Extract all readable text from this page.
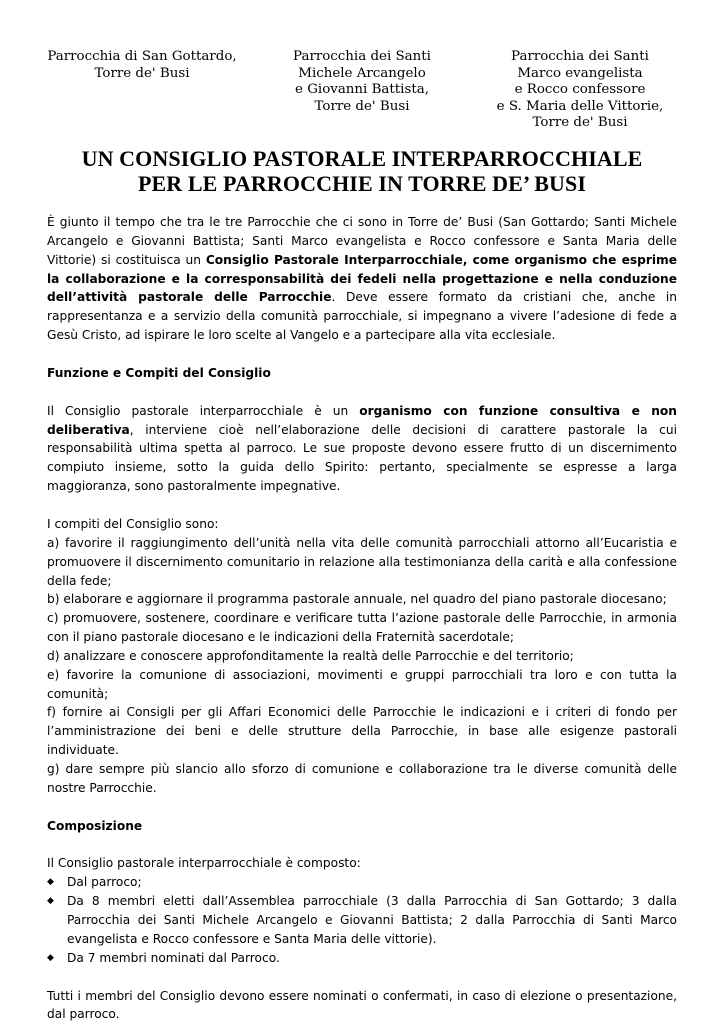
Parrocchia di San Gottardo,
Torre de' Busi
Parrocchia dei Santi
Michele Arcangelo
e Giovanni Battista,
Torre de' Busi
Parrocchia dei Santi
Marco evangelista
e Rocco confessore
e S. Maria delle Vittorie,
Torre de' Busi
UN CONSIGLIO PASTORALE INTERPARROCCHIALE
PER LE PARROCCHIE IN TORRE DE’ BUSI

È giunto il tempo che tra le tre Parrocchie che ci sono in Torre de’ Busi (San Gottardo; Santi Michele Arcangelo e Giovanni Battista; Santi Marco evangelista e Rocco confessore e Santa Maria delle Vittorie) si costituisca un Consiglio Pastorale Interparrocchiale, come organismo che esprime la collaborazione e la corresponsabilità dei fedeli nella progettazione e nella conduzione dell’attività pastorale delle Parrocchie. Deve essere formato da cristiani che, anche in rappresentanza e a servizio della comunità parrocchiale, si impegnano a vivere l’adesione di fede a Gesù Cristo, ad ispirare le loro scelte al Vangelo e a partecipare alla vita ecclesiale.

Funzione e Compiti del Consiglio

Il Consiglio pastorale interparrocchiale è un organismo con funzione consultiva e non deliberativa, interviene cioè nell’elaborazione delle decisioni di carattere pastorale la cui responsabilità ultima spetta al parroco. Le sue proposte devono essere frutto di un discernimento compiuto insieme, sotto la guida dello Spirito: pertanto, specialmente se espresse a larga maggioranza, sono pastoralmente impegnative.

I compiti del Consiglio sono:

a) favorire il raggiungimento dell’unità nella vita delle comunità parrocchiali attorno all’Eucaristia e promuovere il discernimento comunitario in relazione alla testimonianza della carità e alla confessione della fede;

b) elaborare e aggiornare il programma pastorale annuale, nel quadro del piano pastorale diocesano;

c) promuovere, sostenere, coordinare e verificare tutta l’azione pastorale delle Parrocchie, in armonia con il piano pastorale diocesano e le indicazioni della Fraternità sacerdotale;

d) analizzare e conoscere approfonditamente la realtà delle Parrocchie e del territorio;

e) favorire la comunione di associazioni, movimenti e gruppi parrocchiali tra loro e con tutta la comunità;

f) fornire ai Consigli per gli Affari Economici delle Parrocchie le indicazioni e i criteri di fondo per l’amministrazione dei beni e delle strutture della Parrocchie, in base alle esigenze pastorali individuate.

g) dare sempre più slancio allo sforzo di comunione e collaborazione tra le diverse comunità delle nostre Parrocchie.

Composizione

Il Consiglio pastorale interparrocchiale è composto:

◆	Dal parroco;
◆	Da 8 membri eletti dall’Assemblea parrocchiale (3 dalla Parrocchia di San Gottardo; 3 dalla Parrocchia dei Santi Michele Arcangelo e Giovanni Battista; 2 dalla Parrocchia di Santi Marco evangelista e Rocco confessore e Santa Maria delle vittorie).
◆	Da 7 membri nominati dal Parroco.

Tutti i membri del Consiglio devono essere nominati o confermati, in caso di elezione o presentazione, dal parroco.
